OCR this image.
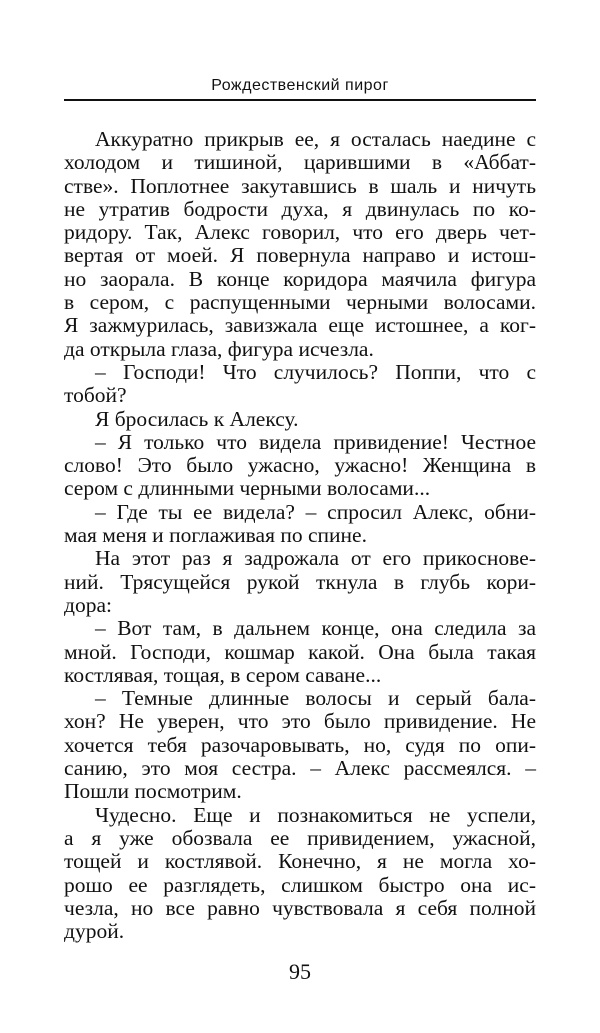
Рождественский пирог
Аккуратно прикрыв ее, я осталась наедине с
холодом и тишиной, царившими в «Аббат-
стве». Поплотнее закутавшись в шаль и ничуть
не утратив бодрости духа, я двинулась по ко-
ридору. Так, Алекс говорил, что его дверь чет-
вертая от моей. Я повернула направо и истош-
но заорала. В конце коридора маячила фигура
в сером, с распущенными черными волосами.
Я зажмурилась, завизжала еще истошнее, а ког-
да открыла глаза, фигура исчезла.
– Господи! Что случилось? Поппи, что с
тобой?
Я бросилась к Алексу.
– Я только что видела привидение! Честное
слово! Это было ужасно, ужасно! Женщина в
сером с длинными черными волосами...
– Где ты ее видела? – спросил Алекс, обни-
мая меня и поглаживая по спине.
На этот раз я задрожала от его прикосновe-
ний. Трясущейся рукой ткнула в глубь кори-
дора:
– Вот там, в дальнем конце, она следила за
мной. Господи, кошмар какой. Она была такая
костлявая, тощая, в сером саване...
– Темные длинные волосы и серый бала-
хон? Не уверен, что это было привидение. Не
хочется тебя разочаровывать, но, судя по опи-
санию, это моя сестра. – Алекс рассмеялся. –
Пошли посмотрим.
Чудесно. Еще и познакомиться не успели,
а я уже обозвала ее привидением, ужасной,
тощей и костлявой. Конечно, я не могла хо-
рошо ее разглядеть, слишком быстро она ис-
чезла, но все равно чувствовала я себя полной
дурой.
95
